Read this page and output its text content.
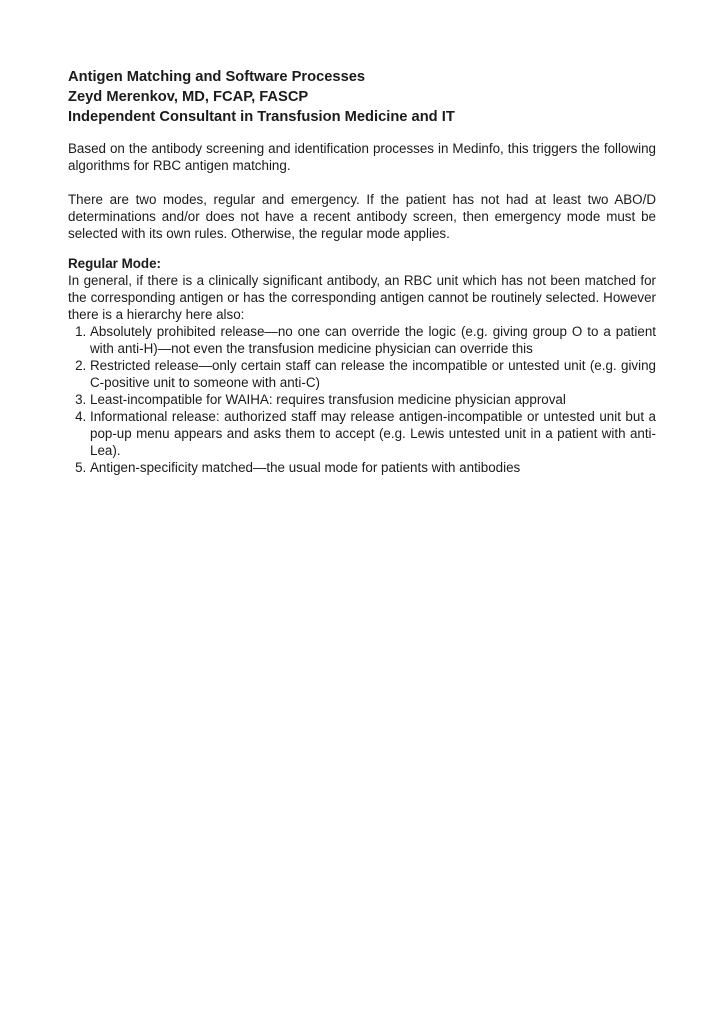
Antigen Matching and Software Processes
Zeyd Merenkov, MD, FCAP, FASCP
Independent Consultant in Transfusion Medicine and IT

Based on the antibody screening and identification processes in Medinfo, this triggers the following algorithms for RBC antigen matching.

There are two modes, regular and emergency. If the patient has not had at least two ABO/D determinations and/or does not have a recent antibody screen, then emergency mode must be selected with its own rules. Otherwise, the regular mode applies.

Regular Mode:

In general, if there is a clinically significant antibody, an RBC unit which has not been matched for the corresponding antigen or has the corresponding antigen cannot be routinely selected. However there is a hierarchy here also:

1. Absolutely prohibited release—no one can override the logic (e.g. giving group O to a patient with anti-H)—not even the transfusion medicine physician can override this
2. Restricted release—only certain staff can release the incompatible or untested unit (e.g. giving C-positive unit to someone with anti-C)
3. Least-incompatible for WAIHA: requires transfusion medicine physician approval
4. Informational release: authorized staff may release antigen-incompatible or untested unit but a pop-up menu appears and asks them to accept (e.g. Lewis untested unit in a patient with anti-Lea).
5. Antigen-specificity matched—the usual mode for patients with antibodies
